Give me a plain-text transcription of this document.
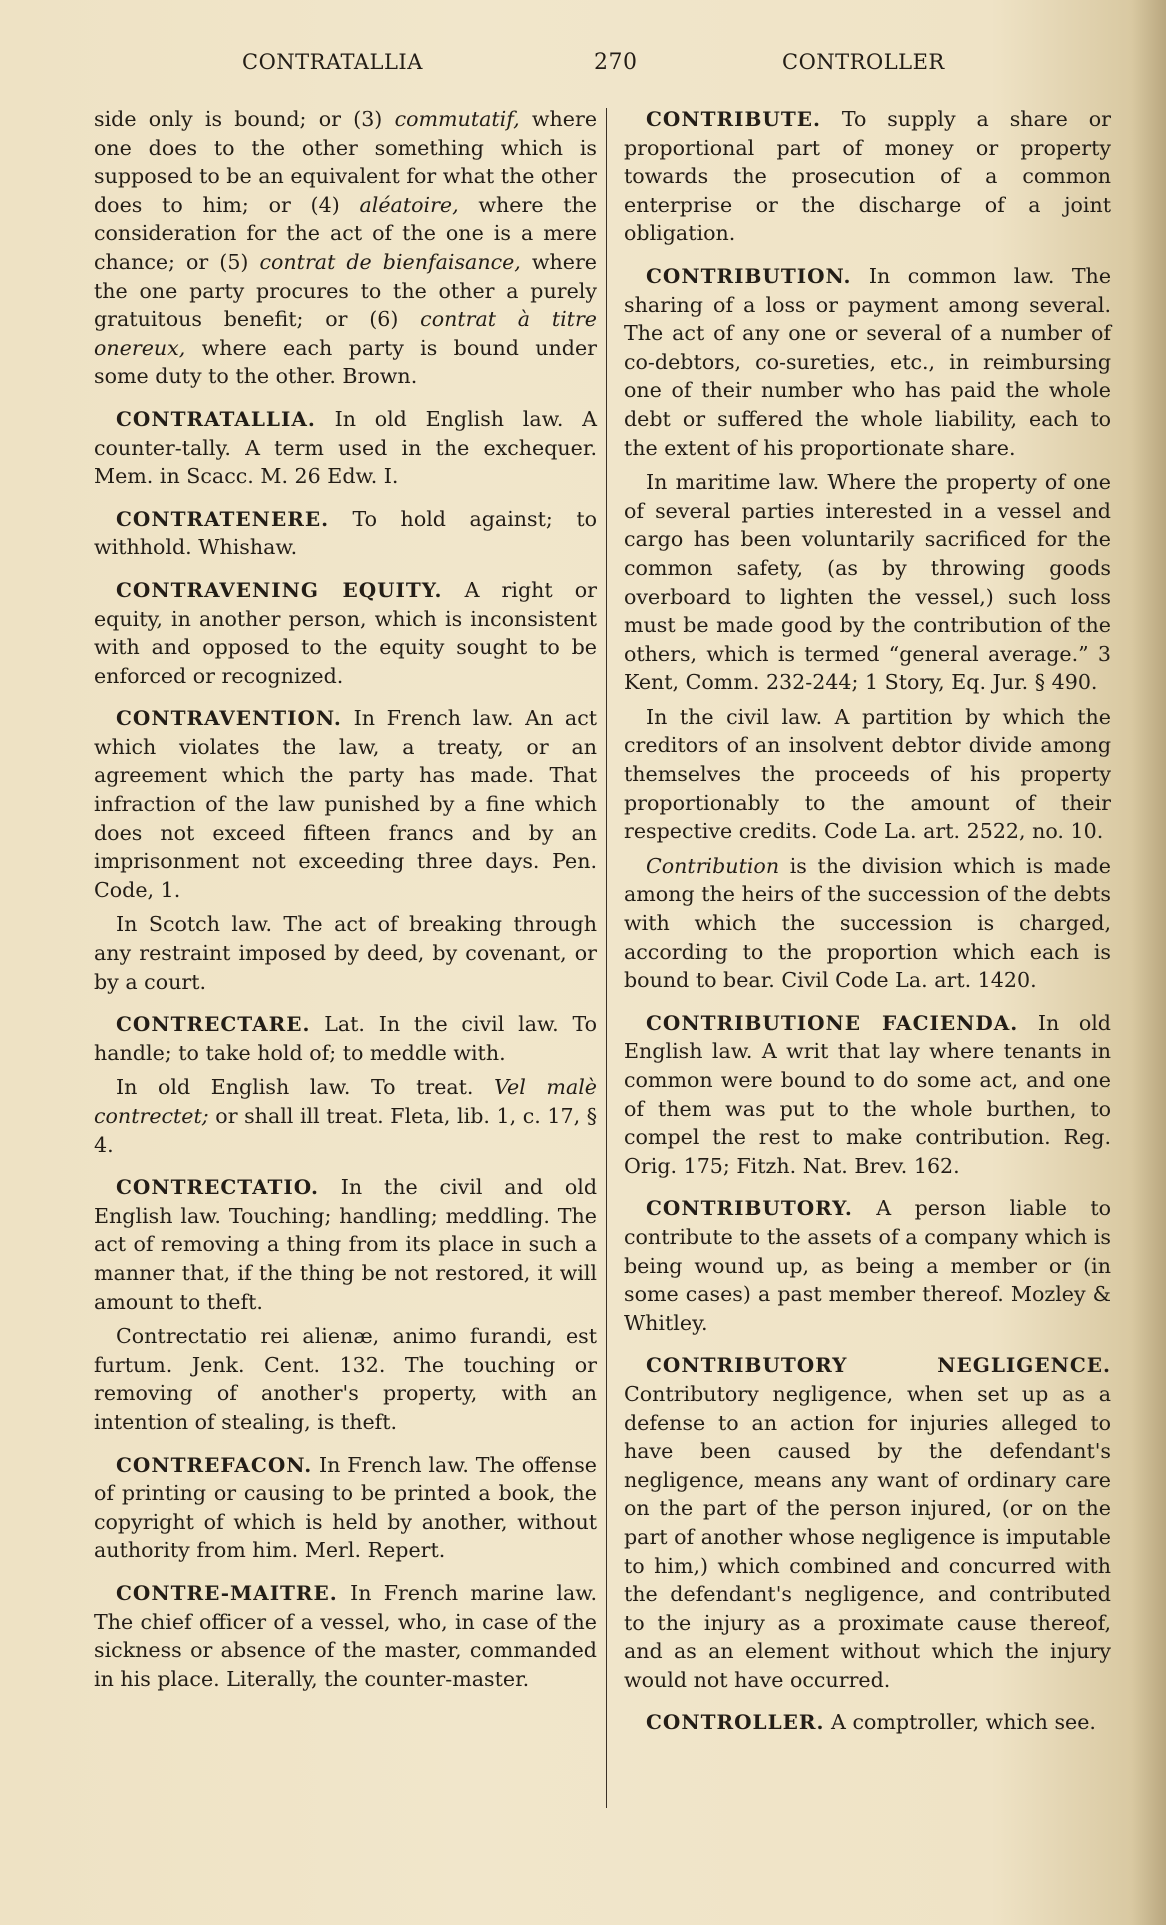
CONTRATALLIA	270	CONTROLLER

side only is bound; or (3) commutatif, where one does to the other something which is supposed to be an equivalent for what the other does to him; or (4) aléatoire, where the consideration for the act of the one is a mere chance; or (5) contrat de bienfaisance, where the one party procures to the other a purely gratuitous benefit; or (6) contrat à titre onereux, where each party is bound under some duty to the other. Brown.

CONTRATALLIA. In old English law. A counter-tally. A term used in the exchequer. Mem. in Scacc. M. 26 Edw. I.

CONTRATENERE. To hold against; to withhold. Whishaw.

CONTRAVENING EQUITY. A right or equity, in another person, which is inconsistent with and opposed to the equity sought to be enforced or recognized.

CONTRAVENTION. In French law. An act which violates the law, a treaty, or an agreement which the party has made. That infraction of the law punished by a fine which does not exceed fifteen francs and by an imprisonment not exceeding three days. Pen. Code, 1.

In Scotch law. The act of breaking through any restraint imposed by deed, by covenant, or by a court.

CONTRECTARE. Lat. In the civil law. To handle; to take hold of; to meddle with.

In old English law. To treat. Vel malè contrectet; or shall ill treat. Fleta, lib. 1, c. 17, § 4.

CONTRECTATIO. In the civil and old English law. Touching; handling; meddling. The act of removing a thing from its place in such a manner that, if the thing be not restored, it will amount to theft.

Contrectatio rei alienæ, animo furandi, est furtum. Jenk. Cent. 132. The touching or removing of another's property, with an intention of stealing, is theft.

CONTREFACON. In French law. The offense of printing or causing to be printed a book, the copyright of which is held by another, without authority from him. Merl. Repert.

CONTRE-MAITRE. In French marine law. The chief officer of a vessel, who, in case of the sickness or absence of the master, commanded in his place. Literally, the counter-master.

CONTRIBUTE. To supply a share or proportional part of money or property towards the prosecution of a common enterprise or the discharge of a joint obligation.

CONTRIBUTION. In common law. The sharing of a loss or payment among several. The act of any one or several of a number of co-debtors, co-sureties, etc., in reimbursing one of their number who has paid the whole debt or suffered the whole liability, each to the extent of his proportionate share.

In maritime law. Where the property of one of several parties interested in a vessel and cargo has been voluntarily sacrificed for the common safety, (as by throwing goods overboard to lighten the vessel,) such loss must be made good by the contribution of the others, which is termed “general average.” 3 Kent, Comm. 232-244; 1 Story, Eq. Jur. § 490.

In the civil law. A partition by which the creditors of an insolvent debtor divide among themselves the proceeds of his property proportionably to the amount of their respective credits. Code La. art. 2522, no. 10.

Contribution is the division which is made among the heirs of the succession of the debts with which the succession is charged, according to the proportion which each is bound to bear. Civil Code La. art. 1420.

CONTRIBUTIONE FACIENDA. In old English law. A writ that lay where tenants in common were bound to do some act, and one of them was put to the whole burthen, to compel the rest to make contribution. Reg. Orig. 175; Fitzh. Nat. Brev. 162.

CONTRIBUTORY. A person liable to contribute to the assets of a company which is being wound up, as being a member or (in some cases) a past member thereof. Mozley & Whitley.

CONTRIBUTORY NEGLIGENCE. Contributory negligence, when set up as a defense to an action for injuries alleged to have been caused by the defendant's negligence, means any want of ordinary care on the part of the person injured, (or on the part of another whose negligence is imputable to him,) which combined and concurred with the defendant's negligence, and contributed to the injury as a proximate cause thereof, and as an element without which the injury would not have occurred.

CONTROLLER. A comptroller, which see.
